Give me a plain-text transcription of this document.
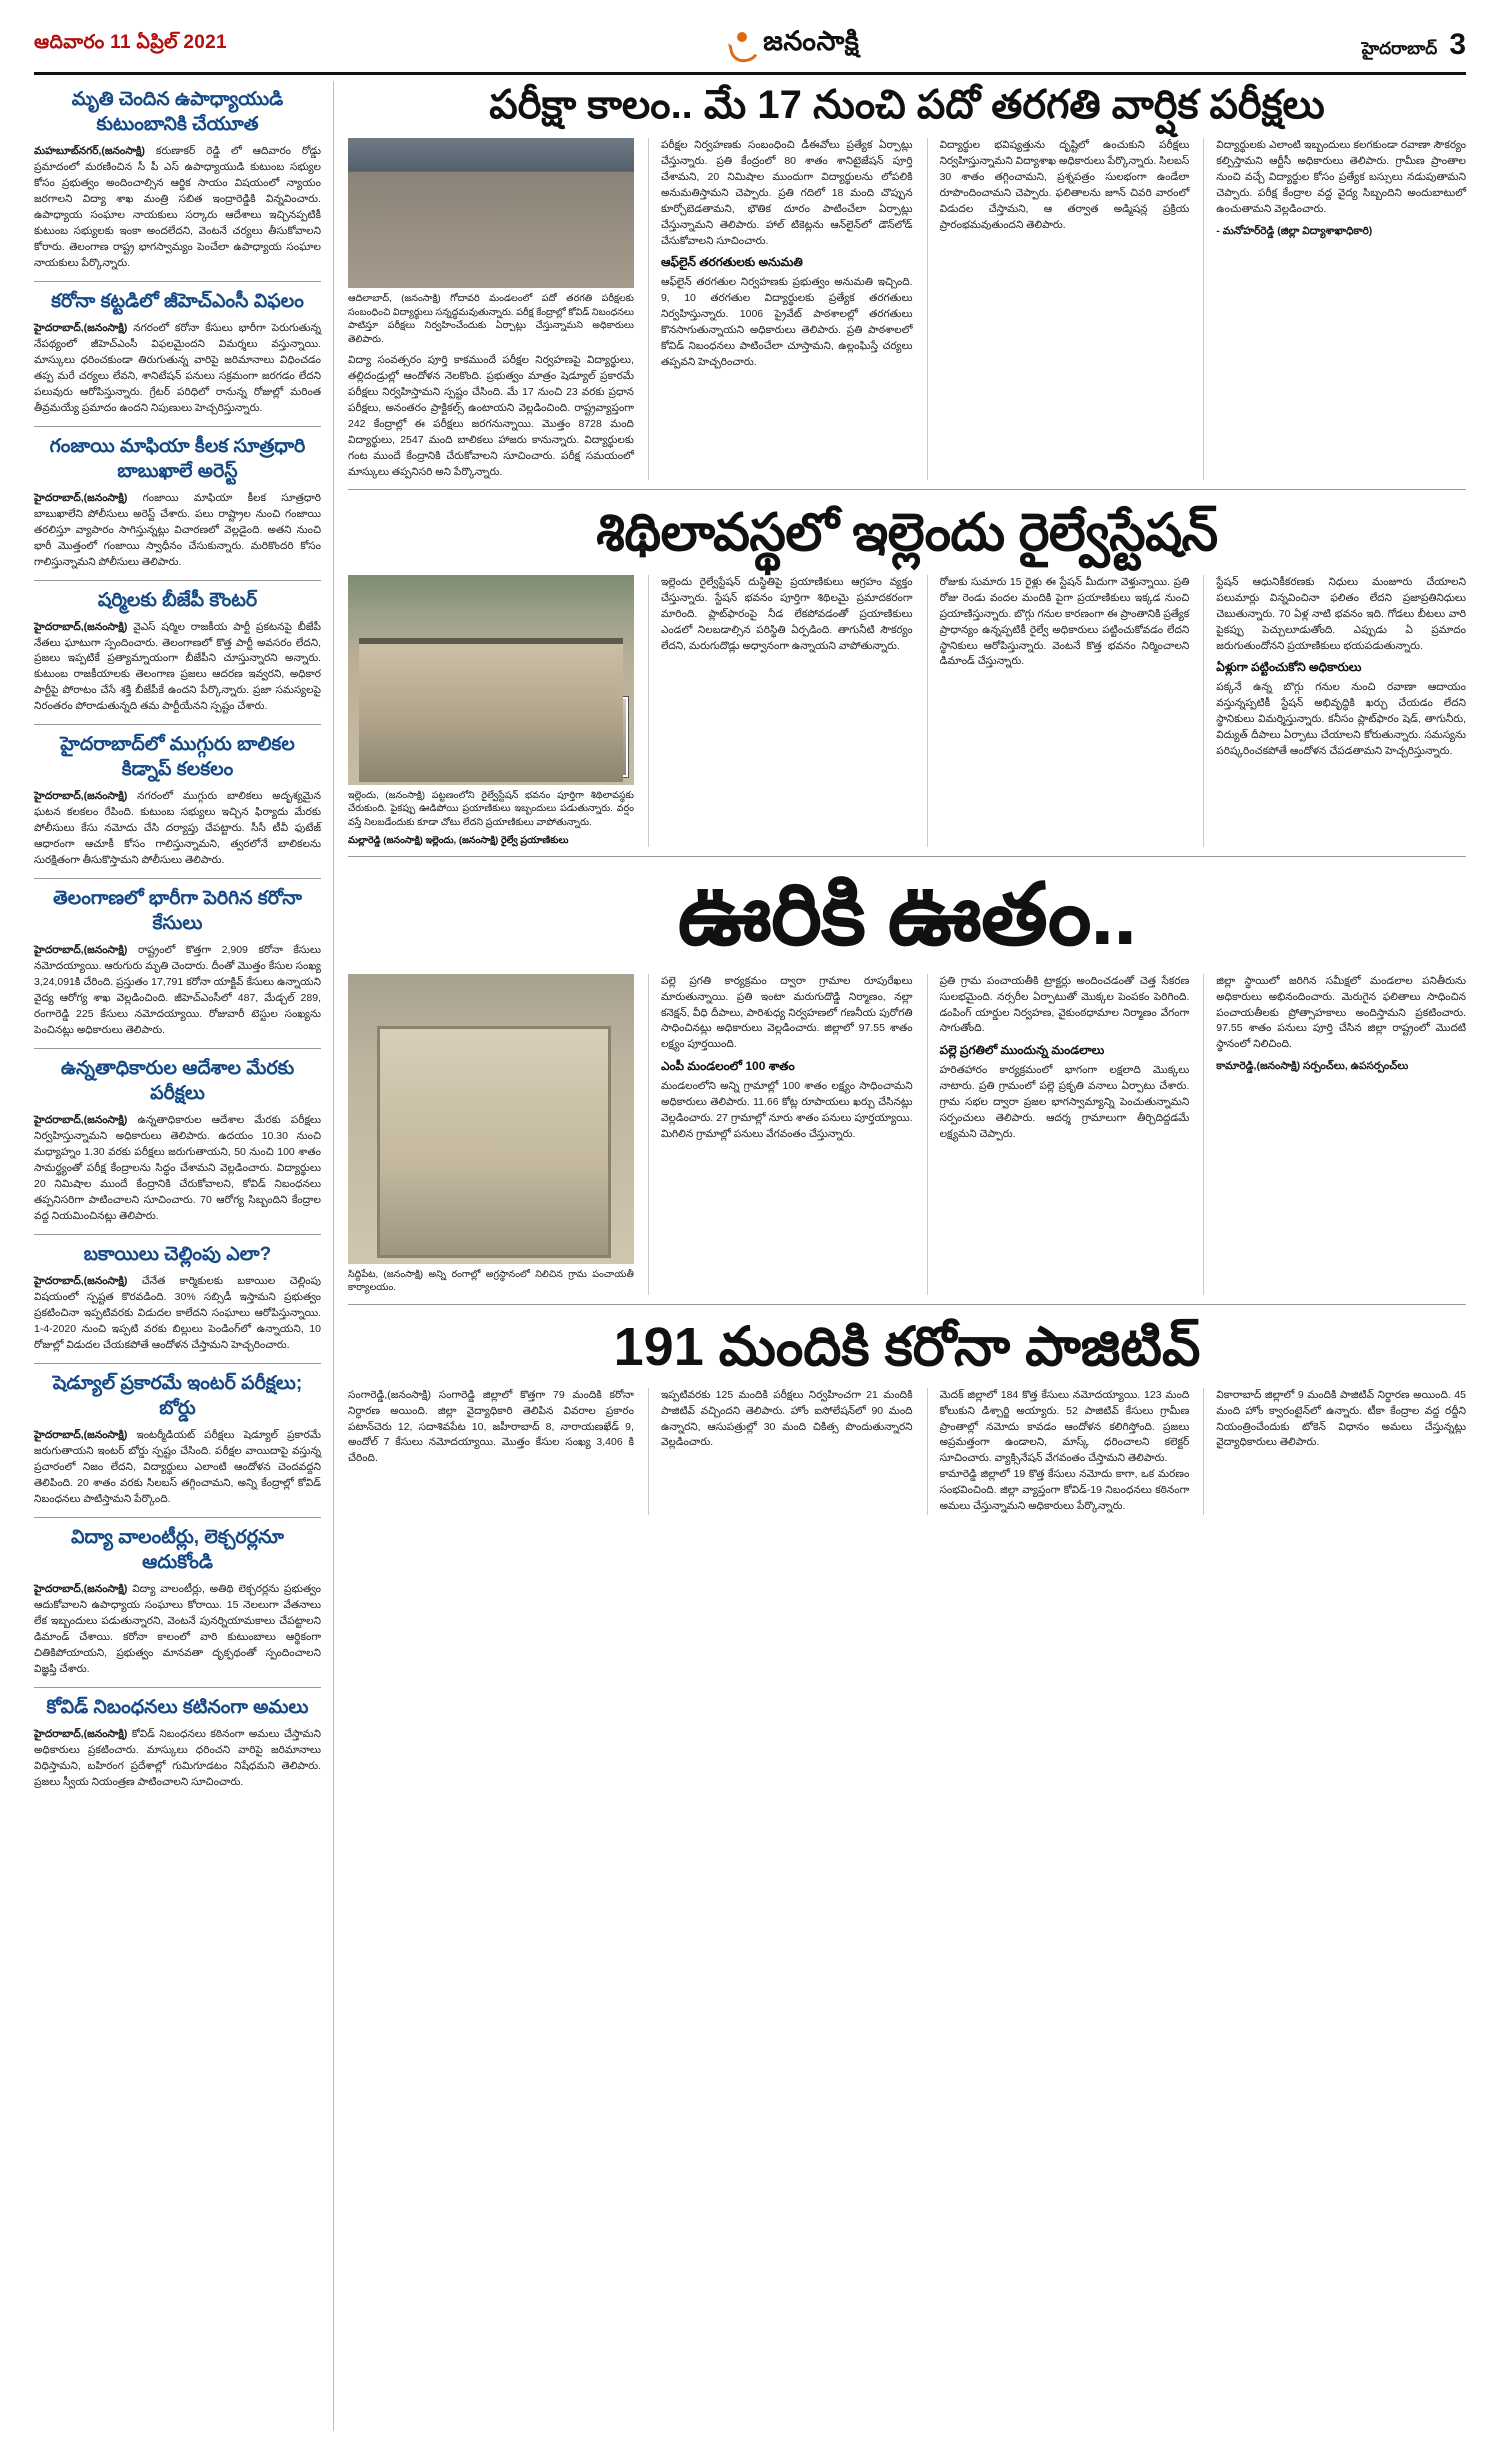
ఆదివారం 11 ఏప్రిల్ 2021	జనంసాక్షి	హైదరాబాద్ 3
మృతి చెందిన ఉపాధ్యాయుడి కుటుంబానికి చేయూత
మహబూబ్‌నగర్,(జనంసాక్షి) కరుణాకర్ రెడ్డి లో ఆదివారం రోడ్డు ప్రమాదంలో మరణించిన సీ పీ ఎస్ ఉపాధ్యాయుడి కుటుంబ సభ్యుల కోసం ప్రభుత్వం అందించాల్సిన ఆర్థిక సాయం విషయంలో న్యాయం జరగాలని విద్యా శాఖ మంత్రి సబిత ఇంద్రారెడ్డికి విన్నవించారు. ఉపాధ్యాయ సంఘాల నాయకులు సర్కారు ఆదేశాలు ఇచ్చినప్పటికీ కుటుంబ సభ్యులకు ఇంకా అందలేదని, వెంటనే చర్యలు తీసుకోవాలని కోరారు. తెలంగాణ రాష్ట్ర భాగస్వామ్యం పెంచేలా ఉపాధ్యాయ సంఘాల నాయకులు పేర్కొన్నారు.
కరోనా కట్టడిలో జీహెచ్‌ఎంసీ విఫలం
హైదరాబాద్,(జనంసాక్షి) నగరంలో కరోనా కేసులు భారీగా పెరుగుతున్న నేపథ్యంలో జీహెచ్‌ఎంసీ విఫలమైందని విమర్శలు వస్తున్నాయి. మాస్కులు ధరించకుండా తిరుగుతున్న వారిపై జరిమానాలు విధించడం తప్ప మరే చర్యలు లేవని, శానిటేషన్ పనులు సక్రమంగా జరగడం లేదని పలువురు ఆరోపిస్తున్నారు. గ్రేటర్ పరిధిలో రానున్న రోజుల్లో మరింత తీవ్రమయ్యే ప్రమాదం ఉందని నిపుణులు హెచ్చరిస్తున్నారు.
గంజాయి మాఫియా కీలక సూత్రధారి బాబుఖాలే అరెస్ట్
హైదరాబాద్,(జనంసాక్షి) గంజాయి మాఫియా కీలక సూత్రధారి బాబుఖాలేని పోలీసులు అరెస్ట్ చేశారు. పలు రాష్ట్రాల నుంచి గంజాయి తరలిస్తూ వ్యాపారం సాగిస్తున్నట్లు విచారణలో వెల్లడైంది. అతని నుంచి భారీ మొత్తంలో గంజాయి స్వాధీనం చేసుకున్నారు. మరికొందరి కోసం గాలిస్తున్నామని పోలీసులు తెలిపారు.
షర్మిలకు బీజేపీ కౌంటర్
హైదరాబాద్,(జనంసాక్షి) వైఎస్ షర్మిల రాజకీయ పార్టీ ప్రకటనపై బీజేపీ నేతలు ఘాటుగా స్పందించారు. తెలంగాణలో కొత్త పార్టీ అవసరం లేదని, ప్రజలు ఇప్పటికే ప్రత్యామ్నాయంగా బీజేపీని చూస్తున్నారని అన్నారు. కుటుంబ రాజకీయాలకు తెలంగాణ ప్రజలు ఆదరణ ఇవ్వరని, అధికార పార్టీపై పోరాటం చేసే శక్తి బీజేపీకే ఉందని పేర్కొన్నారు. ప్రజా సమస్యలపై నిరంతరం పోరాడుతున్నది తమ పార్టీయేనని స్పష్టం చేశారు.
హైదరాబాద్‌లో ముగ్గురు బాలికల కిడ్నాప్ కలకలం
హైదరాబాద్,(జనంసాక్షి) నగరంలో ముగ్గురు బాలికలు అదృశ్యమైన ఘటన కలకలం రేపింది. కుటుంబ సభ్యులు ఇచ్చిన ఫిర్యాదు మేరకు పోలీసులు కేసు నమోదు చేసి దర్యాప్తు చేపట్టారు. సీసీ టీవీ ఫుటేజ్ ఆధారంగా ఆచూకీ కోసం గాలిస్తున్నామని, త్వరలోనే బాలికలను సురక్షితంగా తీసుకొస్తామని పోలీసులు తెలిపారు.
తెలంగాణలో భారీగా పెరిగిన కరోనా కేసులు
హైదరాబాద్,(జనంసాక్షి) రాష్ట్రంలో కొత్తగా 2,909 కరోనా కేసులు నమోదయ్యాయి. ఆరుగురు మృతి చెందారు. దీంతో మొత్తం కేసుల సంఖ్య 3,24,091కి చేరింది. ప్రస్తుతం 17,791 కరోనా యాక్టివ్ కేసులు ఉన్నాయని వైద్య ఆరోగ్య శాఖ వెల్లడించింది. జీహెచ్‌ఎంసీలో 487, మేడ్చల్ 289, రంగారెడ్డి 225 కేసులు నమోదయ్యాయి. రోజువారీ టెస్టుల సంఖ్యను పెంచినట్లు అధికారులు తెలిపారు.
ఉన్నతాధికారుల ఆదేశాల మేరకు పరీక్షలు
హైదరాబాద్,(జనంసాక్షి) ఉన్నతాధికారుల ఆదేశాల మేరకు పరీక్షలు నిర్వహిస్తున్నామని అధికారులు తెలిపారు. ఉదయం 10.30 నుంచి మధ్యాహ్నం 1.30 వరకు పరీక్షలు జరుగుతాయని, 50 నుంచి 100 శాతం సామర్థ్యంతో పరీక్ష కేంద్రాలను సిద్ధం చేశామని వెల్లడించారు. విద్యార్థులు 20 నిమిషాల ముందే కేంద్రానికి చేరుకోవాలని, కోవిడ్ నిబంధనలు తప్పనిసరిగా పాటించాలని సూచించారు. 70 ఆరోగ్య సిబ్బందిని కేంద్రాల వద్ద నియమించినట్లు తెలిపారు.
బకాయిలు చెల్లింపు ఎలా?
హైదరాబాద్,(జనంసాక్షి) చేనేత కార్మికులకు బకాయిల చెల్లింపు విషయంలో స్పష్టత కొరవడింది. 30% సబ్సిడీ ఇస్తామని ప్రభుత్వం ప్రకటించినా ఇప్పటివరకు విడుదల కాలేదని సంఘాలు ఆరోపిస్తున్నాయి. 1-4-2020 నుంచి ఇప్పటి వరకు బిల్లులు పెండింగ్‌లో ఉన్నాయని, 10 రోజుల్లో విడుదల చేయకపోతే ఆందోళన చేస్తామని హెచ్చరించారు.
షెడ్యూల్ ప్రకారమే ఇంటర్ పరీక్షలు; బోర్డు
హైదరాబాద్,(జనంసాక్షి) ఇంటర్మీడియట్ పరీక్షలు షెడ్యూల్ ప్రకారమే జరుగుతాయని ఇంటర్ బోర్డు స్పష్టం చేసింది. పరీక్షల వాయిదాపై వస్తున్న ప్రచారంలో నిజం లేదని, విద్యార్థులు ఎలాంటి ఆందోళన చెందవద్దని తెలిపింది. 20 శాతం వరకు సిలబస్ తగ్గించామని, అన్ని కేంద్రాల్లో కోవిడ్ నిబంధనలు పాటిస్తామని పేర్కొంది.
విద్యా వాలంటీర్లు, లెక్చరర్లనూ ఆదుకోండి
హైదరాబాద్,(జనంసాక్షి) విద్యా వాలంటీర్లు, అతిథి లెక్చరర్లను ప్రభుత్వం ఆదుకోవాలని ఉపాధ్యాయ సంఘాలు కోరాయి. 15 నెలలుగా వేతనాలు లేక ఇబ్బందులు పడుతున్నారని, వెంటనే పునర్నియామకాలు చేపట్టాలని డిమాండ్ చేశాయి. కరోనా కాలంలో వారి కుటుంబాలు ఆర్థికంగా చితికిపోయాయని, ప్రభుత్వం మానవతా దృక్పథంతో స్పందించాలని విజ్ఞప్తి చేశారు.
కోవిడ్ నిబంధనలు కటినంగా అమలు
హైదరాబాద్,(జనంసాక్షి) కోవిడ్ నిబంధనలు కఠినంగా అమలు చేస్తామని అధికారులు ప్రకటించారు. మాస్కులు ధరించని వారిపై జరిమానాలు విధిస్తామని, బహిరంగ ప్రదేశాల్లో గుమిగూడటం నిషేధమని తెలిపారు. ప్రజలు స్వీయ నియంత్రణ పాటించాలని సూచించారు.
పరీక్షా కాలం.. మే 17 నుంచి పదో తరగతి వార్షిక పరీక్షలు
ఆదిలాబాద్, (జనంసాక్షి) గోదావరి మండలంలో పదో తరగతి పరీక్షలకు సంబంధించి విద్యార్థులు సన్నద్ధమవుతున్నారు. పరీక్ష కేంద్రాల్లో కోవిడ్ నిబంధనలు పాటిస్తూ పరీక్షలు నిర్వహించేందుకు ఏర్పాట్లు చేస్తున్నామని అధికారులు తెలిపారు.
విద్యా సంవత్సరం పూర్తి కాకముందే పరీక్షల నిర్వహణపై విద్యార్థులు, తల్లిదండ్రుల్లో ఆందోళన నెలకొంది. ప్రభుత్వం మాత్రం షెడ్యూల్ ప్రకారమే పరీక్షలు నిర్వహిస్తామని స్పష్టం చేసింది. మే 17 నుంచి 23 వరకు ప్రధాన పరీక్షలు, అనంతరం ప్రాక్టికల్స్ ఉంటాయని వెల్లడించింది. రాష్ట్రవ్యాప్తంగా 242 కేంద్రాల్లో ఈ పరీక్షలు జరగనున్నాయి. మొత్తం 8728 మంది విద్యార్థులు, 2547 మంది బాలికలు హాజరు కానున్నారు. విద్యార్థులకు గంట ముందే కేంద్రానికి చేరుకోవాలని సూచించారు. పరీక్ష సమయంలో మాస్కులు తప్పనిసరి అని పేర్కొన్నారు.
పరీక్షల నిర్వహణకు సంబంధించి డీఈవోలు ప్రత్యేక ఏర్పాట్లు చేస్తున్నారు. ప్రతి కేంద్రంలో 80 శాతం శానిటైజేషన్ పూర్తి చేశామని, 20 నిమిషాల ముందుగా విద్యార్థులను లోపలికి అనుమతిస్తామని చెప్పారు. ప్రతి గదిలో 18 మంది చొప్పున కూర్చోబెడతామని, భౌతిక దూరం పాటించేలా ఏర్పాట్లు చేస్తున్నామని తెలిపారు. హాల్ టికెట్లను ఆన్‌లైన్‌లో డౌన్‌లోడ్ చేసుకోవాలని సూచించారు.
ఆఫ్‌లైన్ తరగతులకు అనుమతి
ఆఫ్‌లైన్ తరగతుల నిర్వహణకు ప్రభుత్వం అనుమతి ఇచ్చింది. 9, 10 తరగతుల విద్యార్థులకు ప్రత్యేక తరగతులు నిర్వహిస్తున్నారు. 1006 ప్రైవేట్ పాఠశాలల్లో తరగతులు కొనసాగుతున్నాయని అధికారులు తెలిపారు. ప్రతి పాఠశాలలో కోవిడ్ నిబంధనలు పాటించేలా చూస్తామని, ఉల్లంఘిస్తే చర్యలు తప్పవని హెచ్చరించారు.
విద్యార్థుల భవిష్యత్తును దృష్టిలో ఉంచుకుని పరీక్షలు నిర్వహిస్తున్నామని విద్యాశాఖ అధికారులు పేర్కొన్నారు. సిలబస్ 30 శాతం తగ్గించామని, ప్రశ్నపత్రం సులభంగా ఉండేలా రూపొందించామని చెప్పారు. ఫలితాలను జూన్ చివరి వారంలో విడుదల చేస్తామని, ఆ తర్వాత అడ్మిషన్ల ప్రక్రియ ప్రారంభమవుతుందని తెలిపారు.
విద్యార్థులకు ఎలాంటి ఇబ్బందులు కలగకుండా రవాణా సౌకర్యం కల్పిస్తామని ఆర్టీసీ అధికారులు తెలిపారు. గ్రామీణ ప్రాంతాల నుంచి వచ్చే విద్యార్థుల కోసం ప్రత్యేక బస్సులు నడుపుతామని చెప్పారు. పరీక్ష కేంద్రాల వద్ద వైద్య సిబ్బందిని అందుబాటులో ఉంచుతామని వెల్లడించారు.
- మనోహర్‌రెడ్డి (జిల్లా విద్యాశాఖాధికారి)
శిథిలావస్థలో ఇల్లెందు రైల్వేస్టేషన్
ఇల్లెందు, (జనంసాక్షి) పట్టణంలోని రైల్వేస్టేషన్ భవనం పూర్తిగా శిథిలావస్థకు చేరుకుంది. పైకప్పు ఊడిపోయి ప్రయాణికులు ఇబ్బందులు పడుతున్నారు. వర్షం వస్తే నిలబడేందుకు కూడా చోటు లేదని ప్రయాణికులు వాపోతున్నారు.
మల్లారెడ్డి (జనంసాక్షి) ఇల్లెందు, (జనంసాక్షి) రైల్వే ప్రయాణికులు
ఇల్లెందు రైల్వేస్టేషన్ దుస్థితిపై ప్రయాణికులు ఆగ్రహం వ్యక్తం చేస్తున్నారు. స్టేషన్ భవనం పూర్తిగా శిథిలమై ప్రమాదకరంగా మారింది. ప్లాట్‌ఫారంపై నీడ లేకపోవడంతో ప్రయాణికులు ఎండలో నిలబడాల్సిన పరిస్థితి ఏర్పడింది. తాగునీటి సౌకర్యం లేదని, మరుగుదొడ్లు అధ్వానంగా ఉన్నాయని వాపోతున్నారు.
రోజుకు సుమారు 15 రైళ్లు ఈ స్టేషన్ మీదుగా వెళ్తున్నాయి. ప్రతి రోజు రెండు వందల మందికి పైగా ప్రయాణికులు ఇక్కడ నుంచి ప్రయాణిస్తున్నారు. బొగ్గు గనుల కారణంగా ఈ ప్రాంతానికి ప్రత్యేక ప్రాధాన్యం ఉన్నప్పటికీ రైల్వే అధికారులు పట్టించుకోవడం లేదని స్థానికులు ఆరోపిస్తున్నారు. వెంటనే కొత్త భవనం నిర్మించాలని డిమాండ్ చేస్తున్నారు.
స్టేషన్ ఆధునికీకరణకు నిధులు మంజూరు చేయాలని పలుమార్లు విన్నవించినా ఫలితం లేదని ప్రజాప్రతినిధులు చెబుతున్నారు. 70 ఏళ్ల నాటి భవనం ఇది. గోడలు బీటలు వారి పైకప్పు పెచ్చులూడుతోంది. ఎప్పుడు ఏ ప్రమాదం జరుగుతుందోనని ప్రయాణికులు భయపడుతున్నారు.
ఏళ్లుగా పట్టించుకోని అధికారులు
పక్కనే ఉన్న బొగ్గు గనుల నుంచి రవాణా ఆదాయం వస్తున్నప్పటికీ స్టేషన్ అభివృద్ధికి ఖర్చు చేయడం లేదని స్థానికులు విమర్శిస్తున్నారు. కనీసం ప్లాట్‌ఫారం షెడ్, తాగునీరు, విద్యుత్ దీపాలు ఏర్పాటు చేయాలని కోరుతున్నారు. సమస్యను పరిష్కరించకపోతే ఆందోళన చేపడతామని హెచ్చరిస్తున్నారు.
ఊరికి ఊతం..
సిద్దిపేట, (జనంసాక్షి) అన్ని రంగాల్లో అగ్రస్థానంలో నిలిచిన గ్రామ పంచాయతీ కార్యాలయం.
పల్లె ప్రగతి కార్యక్రమం ద్వారా గ్రామాల రూపురేఖలు మారుతున్నాయి. ప్రతి ఇంటా మరుగుదొడ్డి నిర్మాణం, నల్లా కనెక్షన్, వీధి దీపాలు, పారిశుధ్య నిర్వహణలో గణనీయ పురోగతి సాధించినట్లు అధికారులు వెల్లడించారు. జిల్లాలో 97.55 శాతం లక్ష్యం పూర్తయింది.
ఎంపీ మండలంలో 100 శాతం
మండలంలోని అన్ని గ్రామాల్లో 100 శాతం లక్ష్యం సాధించామని అధికారులు తెలిపారు. 11.66 కోట్ల రూపాయలు ఖర్చు చేసినట్లు వెల్లడించారు. 27 గ్రామాల్లో నూరు శాతం పనులు పూర్తయ్యాయి. మిగిలిన గ్రామాల్లో పనులు వేగవంతం చేస్తున్నారు.
ప్రతి గ్రామ పంచాయతీకి ట్రాక్టర్లు అందించడంతో చెత్త సేకరణ సులభమైంది. నర్సరీల ఏర్పాటుతో మొక్కల పెంపకం పెరిగింది. డంపింగ్ యార్డుల నిర్వహణ, వైకుంఠధామాల నిర్మాణం వేగంగా సాగుతోంది.
పల్లె ప్రగతిలో ముందున్న మండలాలు
హరితహారం కార్యక్రమంలో భాగంగా లక్షలాది మొక్కలు నాటారు. ప్రతి గ్రామంలో పల్లె ప్రకృతి వనాలు ఏర్పాటు చేశారు. గ్రామ సభల ద్వారా ప్రజల భాగస్వామ్యాన్ని పెంచుతున్నామని సర్పంచులు తెలిపారు. ఆదర్శ గ్రామాలుగా తీర్చిదిద్దడమే లక్ష్యమని చెప్పారు.
జిల్లా స్థాయిలో జరిగిన సమీక్షలో మండలాల పనితీరును అధికారులు అభినందించారు. మెరుగైన ఫలితాలు సాధించిన పంచాయతీలకు ప్రోత్సాహకాలు అందిస్తామని ప్రకటించారు. 97.55 శాతం పనులు పూర్తి చేసిన జిల్లా రాష్ట్రంలో మొదటి స్థానంలో నిలిచింది.
కామారెడ్డి,(జనంసాక్షి) సర్పంచ్‌లు, ఉపసర్పంచ్‌లు
191 మందికి కరోనా పాజిటివ్
సంగారెడ్డి,(జనంసాక్షి) సంగారెడ్డి జిల్లాలో కొత్తగా 79 మందికి కరోనా నిర్ధారణ అయింది. జిల్లా వైద్యాధికారి తెలిపిన వివరాల ప్రకారం పటాన్‌చెరు 12, సదాశివపేట 10, జహీరాబాద్ 8, నారాయణఖేడ్ 9, అందోల్ 7 కేసులు నమోదయ్యాయి. మొత్తం కేసుల సంఖ్య 3,406 కి చేరింది.
ఇప్పటివరకు 125 మందికి పరీక్షలు నిర్వహించగా 21 మందికి పాజిటివ్ వచ్చిందని తెలిపారు. హోం ఐసోలేషన్‌లో 90 మంది ఉన్నారని, ఆసుపత్రుల్లో 30 మంది చికిత్స పొందుతున్నారని వెల్లడించారు.
మెదక్ జిల్లాలో 184 కొత్త కేసులు నమోదయ్యాయి. 123 మంది కోలుకుని డిశ్చార్జి అయ్యారు. 52 పాజిటివ్ కేసులు గ్రామీణ ప్రాంతాల్లో నమోదు కావడం ఆందోళన కలిగిస్తోంది. ప్రజలు అప్రమత్తంగా ఉండాలని, మాస్క్ ధరించాలని కలెక్టర్ సూచించారు. వ్యాక్సినేషన్ వేగవంతం చేస్తామని తెలిపారు.
కామారెడ్డి జిల్లాలో 19 కొత్త కేసులు నమోదు కాగా, ఒక మరణం సంభవించింది. జిల్లా వ్యాప్తంగా కోవిడ్-19 నిబంధనలు కఠినంగా అమలు చేస్తున్నామని అధికారులు పేర్కొన్నారు.
వికారాబాద్ జిల్లాలో 9 మందికి పాజిటివ్ నిర్ధారణ అయింది. 45 మంది హోం క్వారంటైన్‌లో ఉన్నారు. టీకా కేంద్రాల వద్ద రద్దీని నియంత్రించేందుకు టోకెన్ విధానం అమలు చేస్తున్నట్లు వైద్యాధికారులు తెలిపారు.
